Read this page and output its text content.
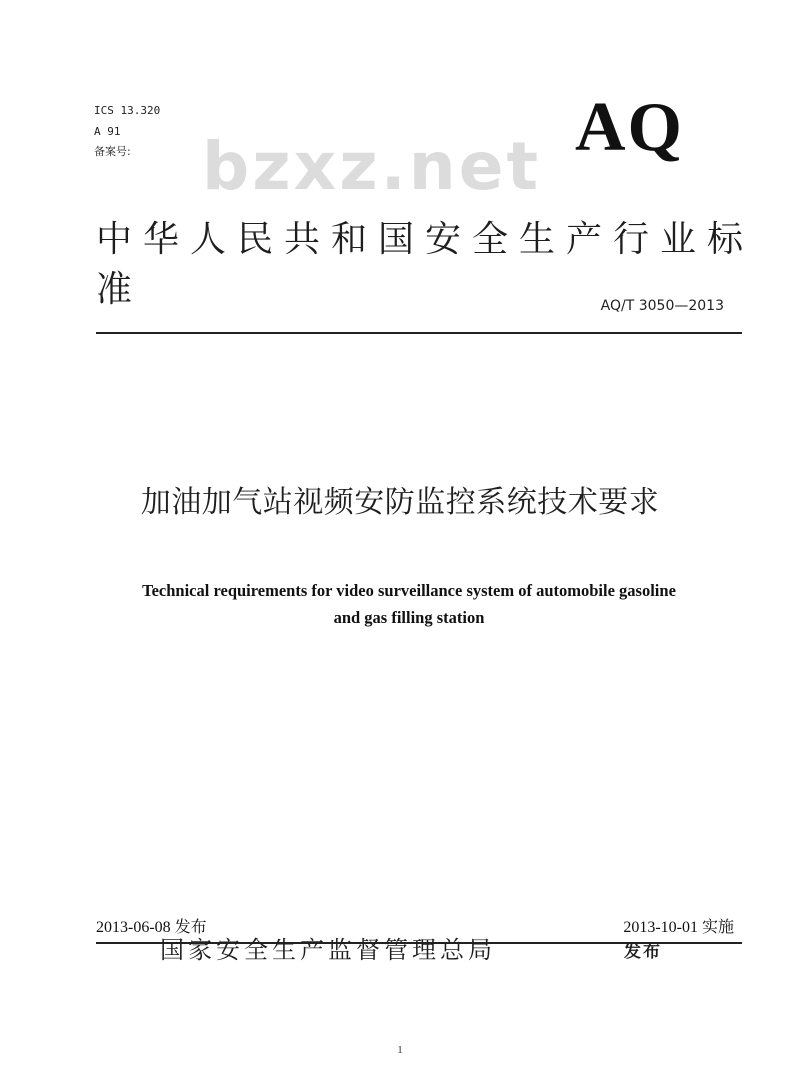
ICS 13.320
A 91
备案号: bzxz.net
AQ
中华人民共和国安全生产行业标准	AQ/T 3050—2013
加油加气站视频安防监控系统技术要求
Technical requirements for video surveillance system of automobile gasoline
and gas filling station
2013-06-08 发布	2013-10-01 实施
国家安全生产监督管理总局	发布
1
